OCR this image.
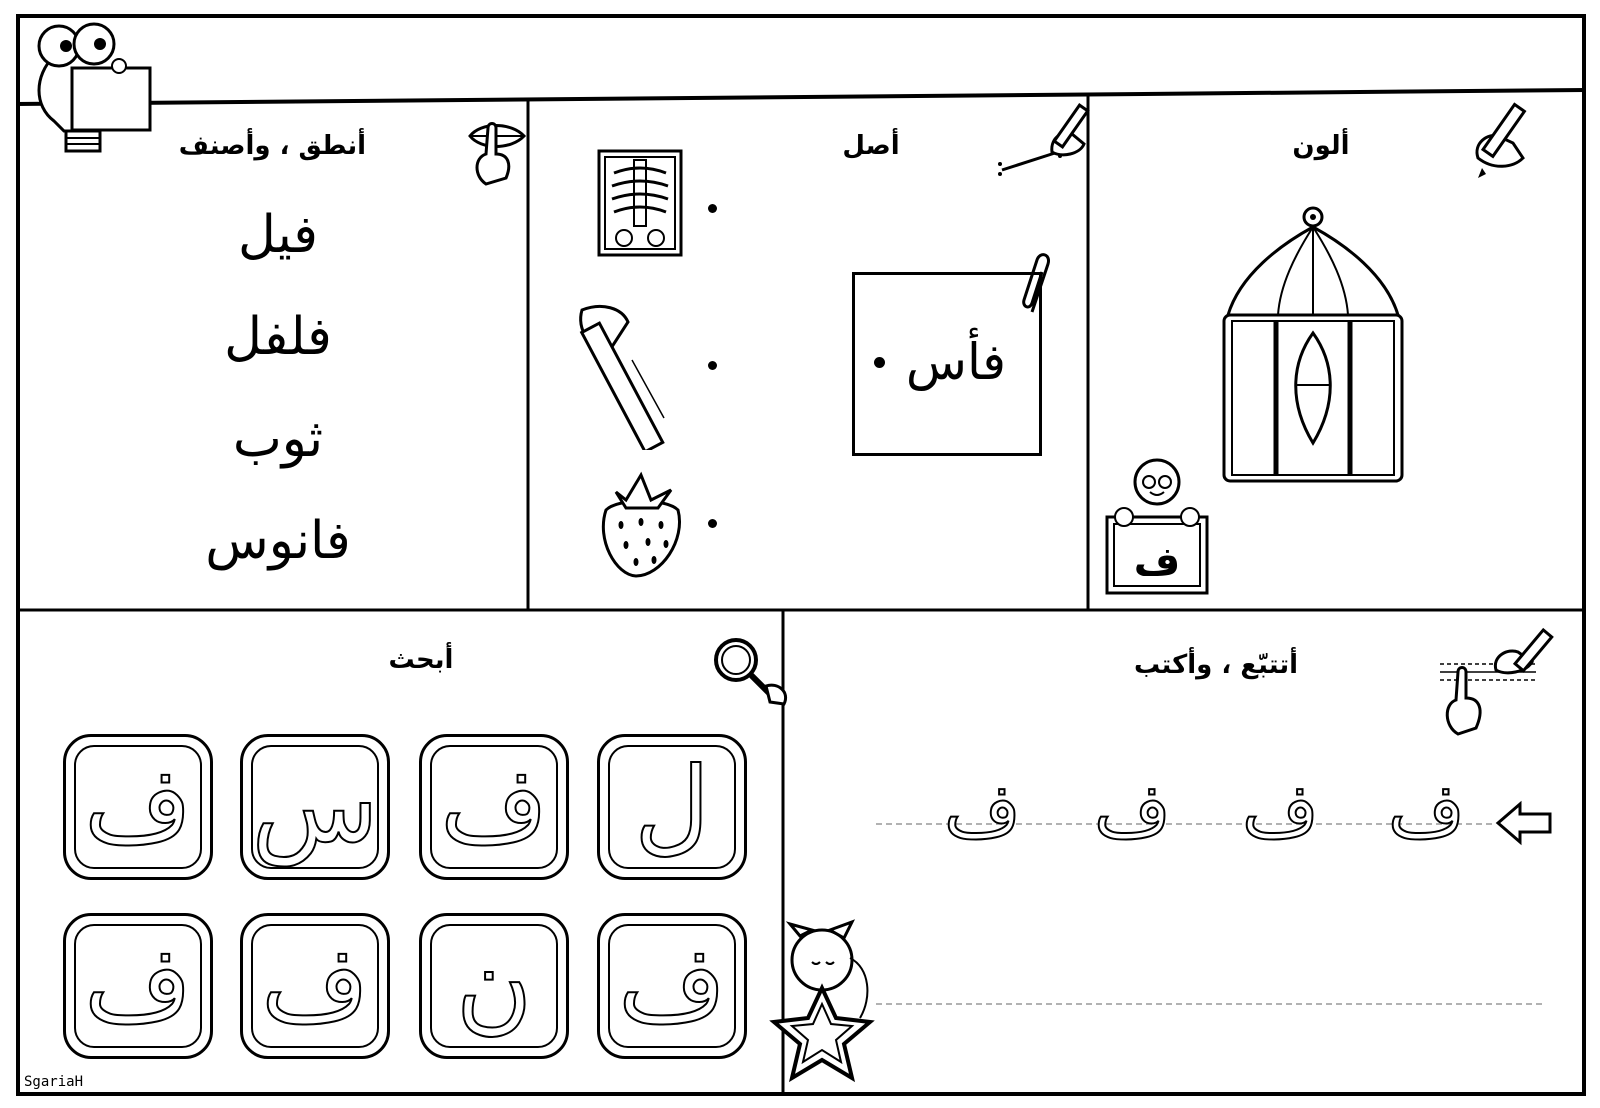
ألون
ف
أصل
فأس
أنطق ، وأصنف
فيل
فلفل
ثوب
فانوس
أبحث
ف س ف ل
ف ف ن ف
أتتبّع ، وأكتب
ف
ف
ف
ف
SgariaH
